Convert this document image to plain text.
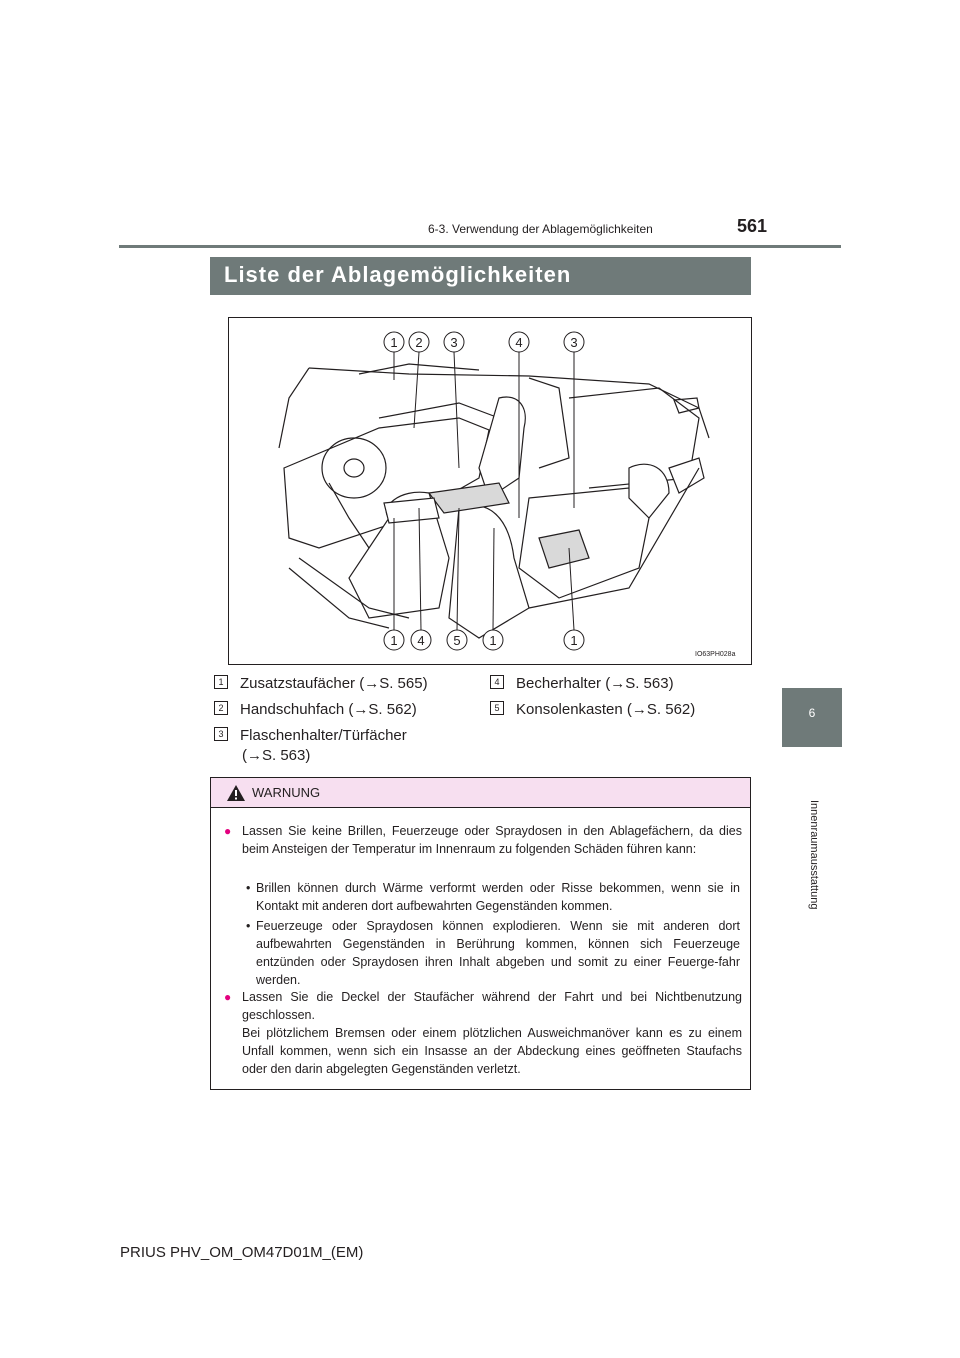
6-3. Verwendung der Ablagemöglichkeiten	561
6
Innenraumausstattung
Liste der Ablagemöglichkeiten
1 2 3	4	3
1 4 5 1	1
IO63PH028a
1 Zusatzstaufächer (→S. 565)
2 Handschuhfach (→S. 562)
3 Flaschenhalter/Türfächer
(→S. 563)
4 Becherhalter (→S. 563)
5 Konsolenkasten (→S. 562)
WARNUNG
● Lassen Sie keine Brillen, Feuerzeuge oder Spraydosen in den Ablagefächern, da dies beim Ansteigen der Temperatur im Innenraum zu folgenden Schäden führen kann:
• Brillen können durch Wärme verformt werden oder Risse bekommen, wenn sie in Kontakt mit anderen dort aufbewahrten Gegenständen kommen.
• Feuerzeuge oder Spraydosen können explodieren. Wenn sie mit anderen dort aufbewahrten Gegenständen in Berührung kommen, können sich Feuerzeuge entzünden oder Spraydosen ihren Inhalt abgeben und somit zu einer Feuerge-fahr werden.
● Lassen Sie die Deckel der Staufächer während der Fahrt und bei Nichtbenutzung geschlossen.
Bei plötzlichem Bremsen oder einem plötzlichen Ausweichmanöver kann es zu einem Unfall kommen, wenn sich ein Insasse an der Abdeckung eines geöffneten Staufachs oder den darin abgelegten Gegenständen verletzt.
PRIUS PHV_OM_OM47D01M_(EM)
